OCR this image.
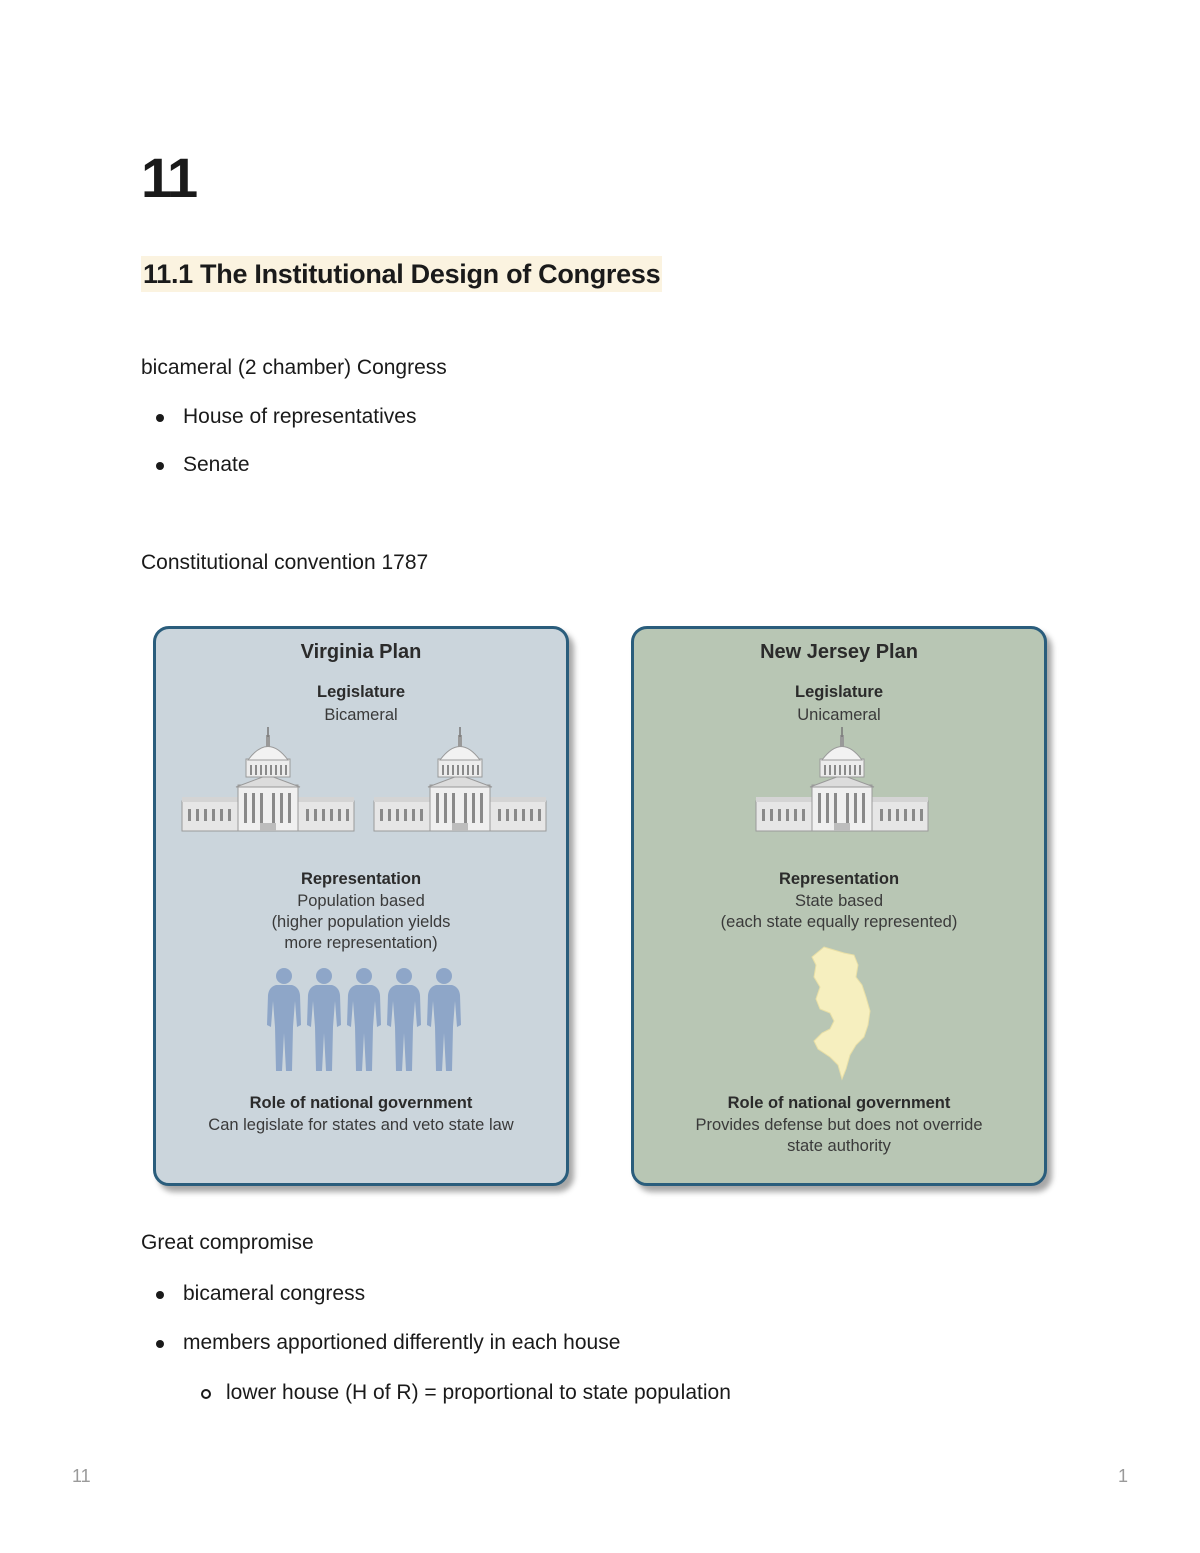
11
11.1 The Institutional Design of Congress
bicameral (2 chamber) Congress
House of representatives
Senate
Constitutional convention 1787
Virginia Plan
Legislature
Bicameral
Representation
Population based
(higher population yields
more representation)
Role of national government
Can legislate for states and veto state law
New Jersey Plan
Legislature
Unicameral
Representation
State based
(each state equally represented)
Role of national government
Provides defense but does not override
state authority
Great compromise
bicameral congress
members apportioned differently in each house
lower house (H of R) = proportional to state population
11	1
